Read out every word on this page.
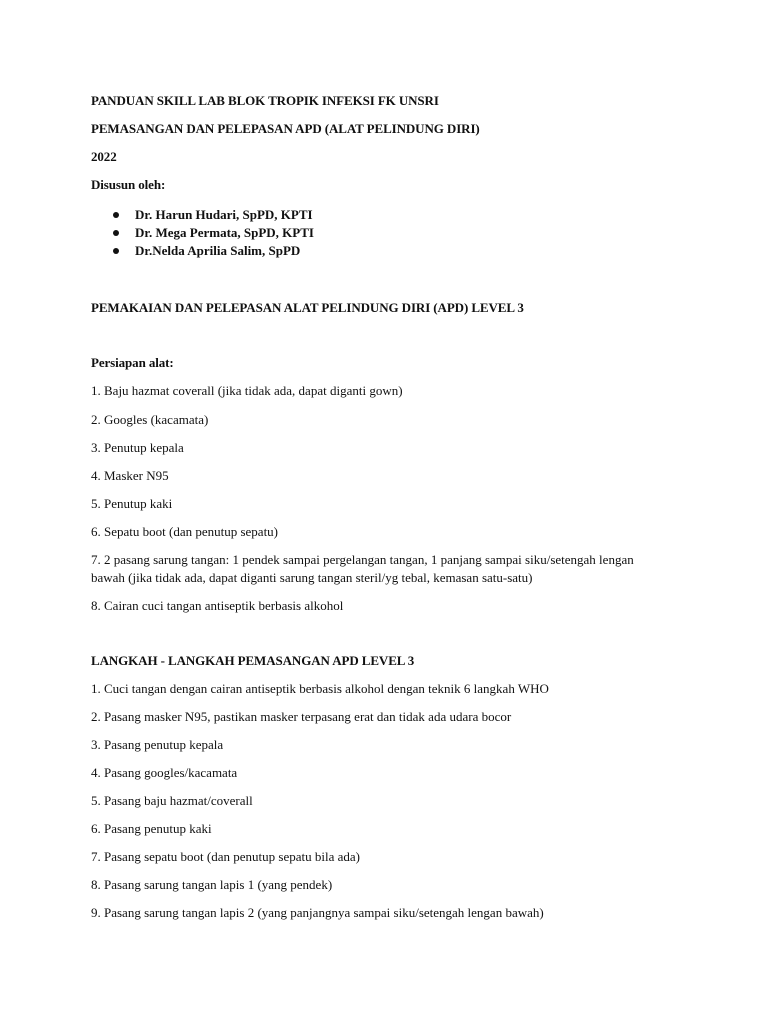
PANDUAN SKILL LAB BLOK TROPIK INFEKSI FK UNSRI
PEMASANGAN DAN PELEPASAN APD (ALAT PELINDUNG DIRI)
2022
Disusun oleh:
Dr. Harun Hudari, SpPD, KPTI
Dr. Mega Permata, SpPD, KPTI
Dr.Nelda Aprilia Salim, SpPD
PEMAKAIAN DAN PELEPASAN ALAT PELINDUNG DIRI (APD) LEVEL 3
Persiapan alat:
1. Baju hazmat coverall (jika tidak ada, dapat diganti gown)
2. Googles (kacamata)
3. Penutup kepala
4. Masker N95
5. Penutup kaki
6. Sepatu boot (dan penutup sepatu)
7. 2 pasang sarung tangan: 1 pendek sampai pergelangan tangan, 1 panjang sampai siku/setengah lengan
bawah (jika tidak ada, dapat diganti sarung tangan steril/yg tebal, kemasan satu-satu)
8. Cairan cuci tangan antiseptik berbasis alkohol
LANGKAH - LANGKAH PEMASANGAN APD LEVEL 3
1. Cuci tangan dengan cairan antiseptik berbasis alkohol dengan teknik 6 langkah WHO
2. Pasang masker N95, pastikan masker terpasang erat dan tidak ada udara bocor
3. Pasang penutup kepala
4. Pasang googles/kacamata
5. Pasang baju hazmat/coverall
6. Pasang penutup kaki
7. Pasang sepatu boot (dan penutup sepatu bila ada)
8. Pasang sarung tangan lapis 1 (yang pendek)
9. Pasang sarung tangan lapis 2 (yang panjangnya sampai siku/setengah lengan bawah)
